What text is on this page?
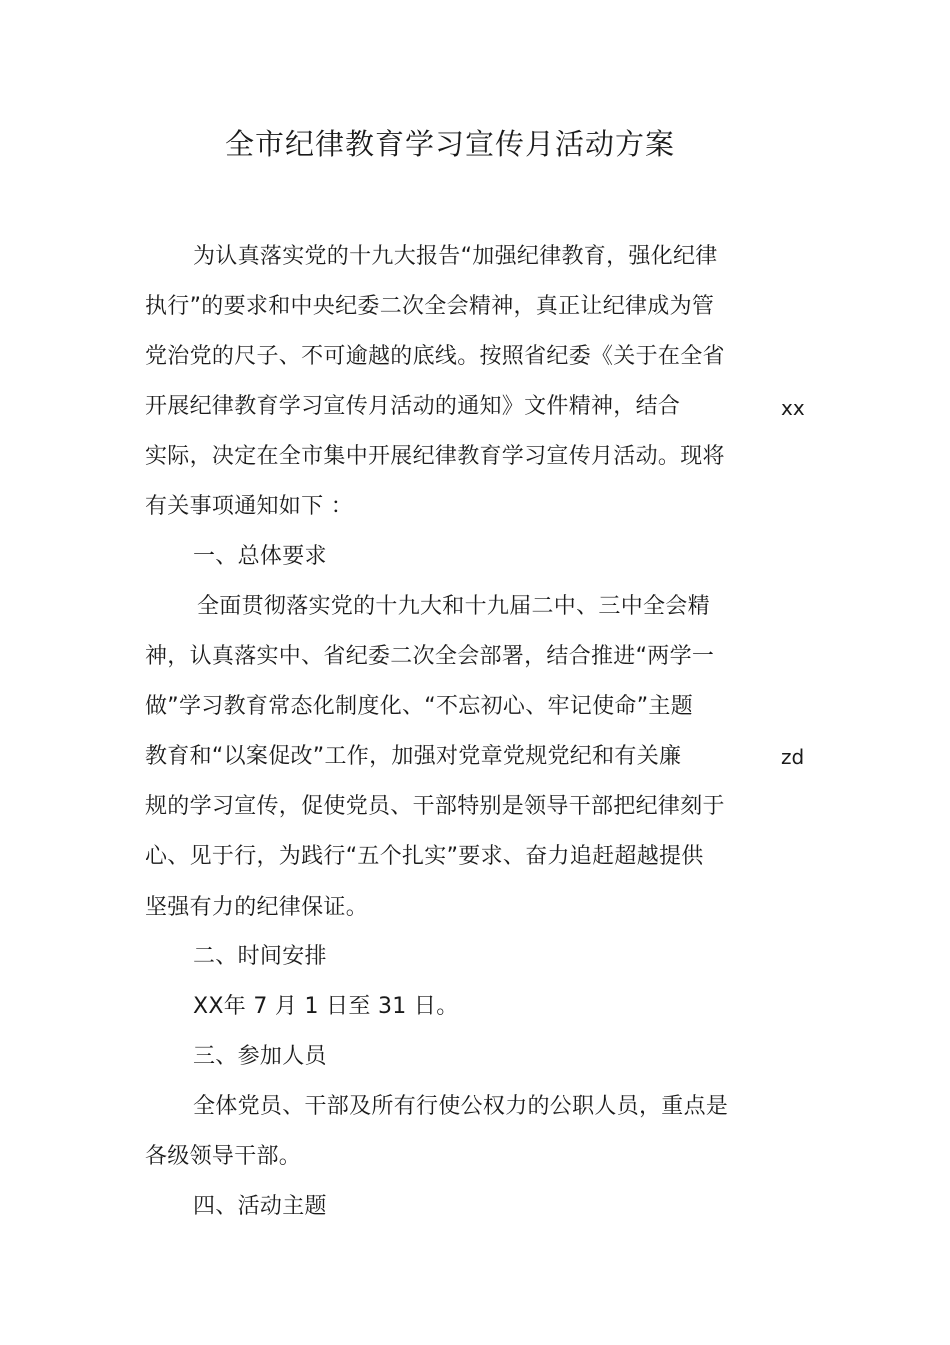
全市纪律教育学习宣传月活动方案
为认真落实党的十九大报告“加强纪律教育，强化纪律
执行”的要求和中央纪委二次全会精神，真正让纪律成为管
党治党的尺子、不可逾越的底线。按照省纪委《关于在全省
开展纪律教育学习宣传月活动的通知》文件精神，结合	xx
实际，决定在全市集中开展纪律教育学习宣传月活动。现将
有关事项通知如下 ：
一、总体要求
全面贯彻落实党的十九大和十九届二中、三中全会精
神，认真落实中、省纪委二次全会部署，结合推进“两学一
做”学习教育常态化制度化、“不忘初心、牢记使命”主题
教育和“以案促改”工作，加强对党章党规党纪和有关廉	zd
规的学习宣传，促使党员、干部特别是领导干部把纪律刻于
心、见于行，为践行“五个扎实”要求、奋力追赶超越提供
坚强有力的纪律保证。
二、时间安排
XX年 7 月 1 日至 31 日。
三、参加人员
全体党员、干部及所有行使公权力的公职人员，重点是
各级领导干部。
四、活动主题
